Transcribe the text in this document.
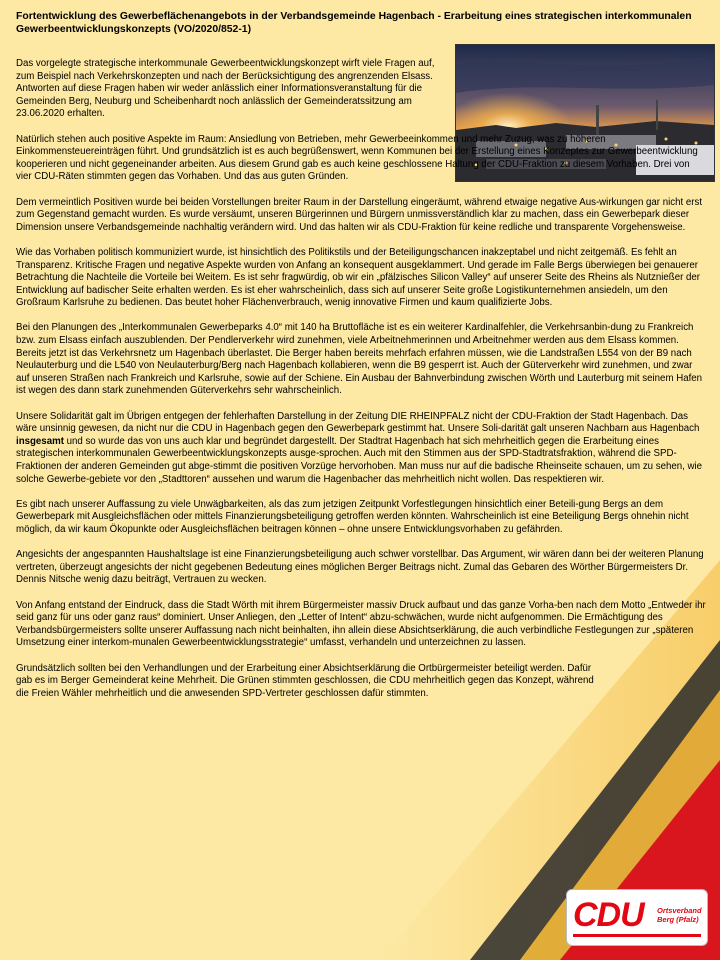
Fortentwicklung des Gewerbeflächenangebots in der Verbandsgemeinde Hagenbach - Erarbeitung eines strategischen interkommunalen Gewerbeentwicklungskonzepts (VO/2020/852-1)

Das vorgelegte strategische interkommunale Gewerbeentwicklungskonzept wirft viele Fragen auf, zum Beispiel nach Verkehrskonzepten und nach der Berücksichtigung des angrenzenden Elsass. Antworten auf diese Fragen haben wir weder anlässlich einer Informationsveranstaltung für die Gemeinden Berg, Neuburg und Scheibenhardt noch anlässlich der Gemeinderatssitzung am 23.06.2020 erhalten.

Natürlich stehen auch positive Aspekte im Raum: Ansiedlung von Betrieben, mehr Gewerbeeinkommen und mehr Zuzug, was zu höheren Einkommensteuereinträgen führt. Und grundsätzlich ist es auch begrüßenswert, wenn Kommunen bei der Erstellung eines Konzeptes zur Gewerbeentwicklung kooperieren und nicht gegeneinander arbeiten. Aus diesem Grund gab es auch keine geschlossene Haltung der CDU-Fraktion zu diesem Vorhaben. Drei von vier CDU-Räten stimmten gegen das Vorhaben. Und das aus guten Gründen.

Dem vermeintlich Positiven wurde bei beiden Vorstellungen breiter Raum in der Darstellung eingeräumt, während etwaige negative Aus-wirkungen gar nicht erst zum Gegenstand gemacht wurden. Es wurde versäumt, unseren Bürgerinnen und Bürgern unmissverständlich klar zu machen, dass ein Gewerbepark dieser Dimension unsere Verbandsgemeinde nachhaltig verändern wird. Und das halten wir als CDU-Fraktion für keine redliche und transparente Vorgehensweise.

Wie das Vorhaben politisch kommuniziert wurde, ist hinsichtlich des Politikstils und der Beteiligungschancen inakzeptabel und nicht zeitgemäß. Es fehlt an Transparenz. Kritische Fragen und negative Aspekte wurden von Anfang an konsequent ausgeklammert. Und gerade im Falle Bergs überwiegen bei genauerer Betrachtung die Nachteile die Vorteile bei Weitem. Es ist sehr fragwürdig, ob wir ein „pfälzisches Silicon Valley“ auf unserer Seite des Rheins als Nutznießer der Entwicklung auf badischer Seite erhalten werden. Es ist eher wahrscheinlich, dass sich auf unserer Seite große Logistikunternehmen ansiedeln, um den Großraum Karlsruhe zu bedienen. Das beutet hoher Flächenverbrauch, wenig innovative Firmen und kaum qualifizierte Jobs.

Bei den Planungen des „Interkommunalen Gewerbeparks 4.0“ mit 140 ha Bruttofläche ist es ein weiterer Kardinalfehler, die Verkehrsanbin-dung zu Frankreich bzw. zum Elsass einfach auszublenden. Der Pendlerverkehr wird zunehmen, viele Arbeitnehmerinnen und Arbeitnehmer werden aus dem Elsass kommen. Bereits jetzt ist das Verkehrsnetz um Hagenbach überlastet. Die Berger haben bereits mehrfach erfahren müssen, wie die Landstraßen L554 von der B9 nach Neulauterburg und die L540 von Neulauterburg/Berg nach Hagenbach kollabieren, wenn die B9 gesperrt ist. Auch der Güterverkehr wird zunehmen, und zwar auf unseren Straßen nach Frankreich und Karlsruhe, sowie auf der Schiene. Ein Ausbau der Bahnverbindung zwischen Wörth und Lauterburg mit seinem Hafen ist wegen des dann stark zunehmenden Güterverkehrs sehr wahrscheinlich.

Unsere Solidarität galt im Übrigen entgegen der fehlerhaften Darstellung in der Zeitung DIE RHEINPFALZ nicht der CDU-Fraktion der Stadt Hagenbach. Das wäre unsinnig gewesen, da nicht nur die CDU in Hagenbach gegen den Gewerbepark gestimmt hat. Unsere Soli-darität galt unseren Nachbarn aus Hagenbach insgesamt und so wurde das von uns auch klar und begründet dargestellt. Der Stadtrat Hagenbach hat sich mehrheitlich gegen die Erarbeitung eines strategischen interkommunalen Gewerbeentwicklungskonzepts ausge-sprochen. Auch mit den Stimmen aus der SPD-Stadtratsfraktion, während die SPD-Fraktionen der anderen Gemeinden gut abge-stimmt die positiven Vorzüge hervorhoben. Man muss nur auf die badische Rheinseite schauen, um zu sehen, wie solche Gewerbe-gebiete vor den „Stadttoren“ aussehen und warum die Hagenbacher das mehrheitlich nicht wollen. Das respektieren wir.

Es gibt nach unserer Auffassung zu viele Unwägbarkeiten, als das zum jetzigen Zeitpunkt Vorfestlegungen hinsichtlich einer Beteili-gung Bergs an dem Gewerbepark mit Ausgleichsflächen oder mittels Finanzierungsbeteiligung getroffen werden könnten. Wahrscheinlich ist eine Beteiligung Bergs ohnehin nicht möglich, da wir kaum Ökopunkte oder Ausgleichsflächen beitragen können – ohne unsere Entwicklungsvorhaben zu gefährden.

Angesichts der angespannten Haushaltslage ist eine Finanzierungsbeteiligung auch schwer vorstellbar. Das Argument, wir wären dann bei der weiteren Planung vertreten, überzeugt angesichts der nicht gegebenen Bedeutung eines möglichen Berger Beitrags nicht. Zumal das Gebaren des Wörther Bürgermeisters Dr. Dennis Nitsche wenig dazu beiträgt, Vertrauen zu wecken.

Von Anfang entstand der Eindruck, dass die Stadt Wörth mit ihrem Bürgermeister massiv Druck aufbaut und das ganze Vorha-ben nach dem Motto „Entweder ihr seid ganz für uns oder ganz raus“ dominiert. Unser Anliegen, den „Letter of Intent“ abzu-schwächen, wurde nicht aufgenommen. Die Ermächtigung des Verbandsbürgermeisters sollte unserer Auffassung nach nicht beinhalten, ihn allein diese Absichtserklärung, die auch verbindliche Festlegungen zur „späteren Umsetzung einer interkom-munalen Gewerbeentwicklungsstrategie“ umfasst, verhandeln und unterzeichnen zu lassen.

Grundsätzlich sollten bei den Verhandlungen und der Erarbeitung einer Absichtserklärung die Ortbürgermeister beteiligt werden. Dafür gab es im Berger Gemeinderat keine Mehrheit. Die Grünen stimmten geschlossen, die CDU mehrheitlich gegen das Konzept, während die Freien Wähler mehrheitlich und die anwesenden SPD-Vertreter geschlossen dafür stimmten.

CDU Ortsverband
Berg (Pfalz)
